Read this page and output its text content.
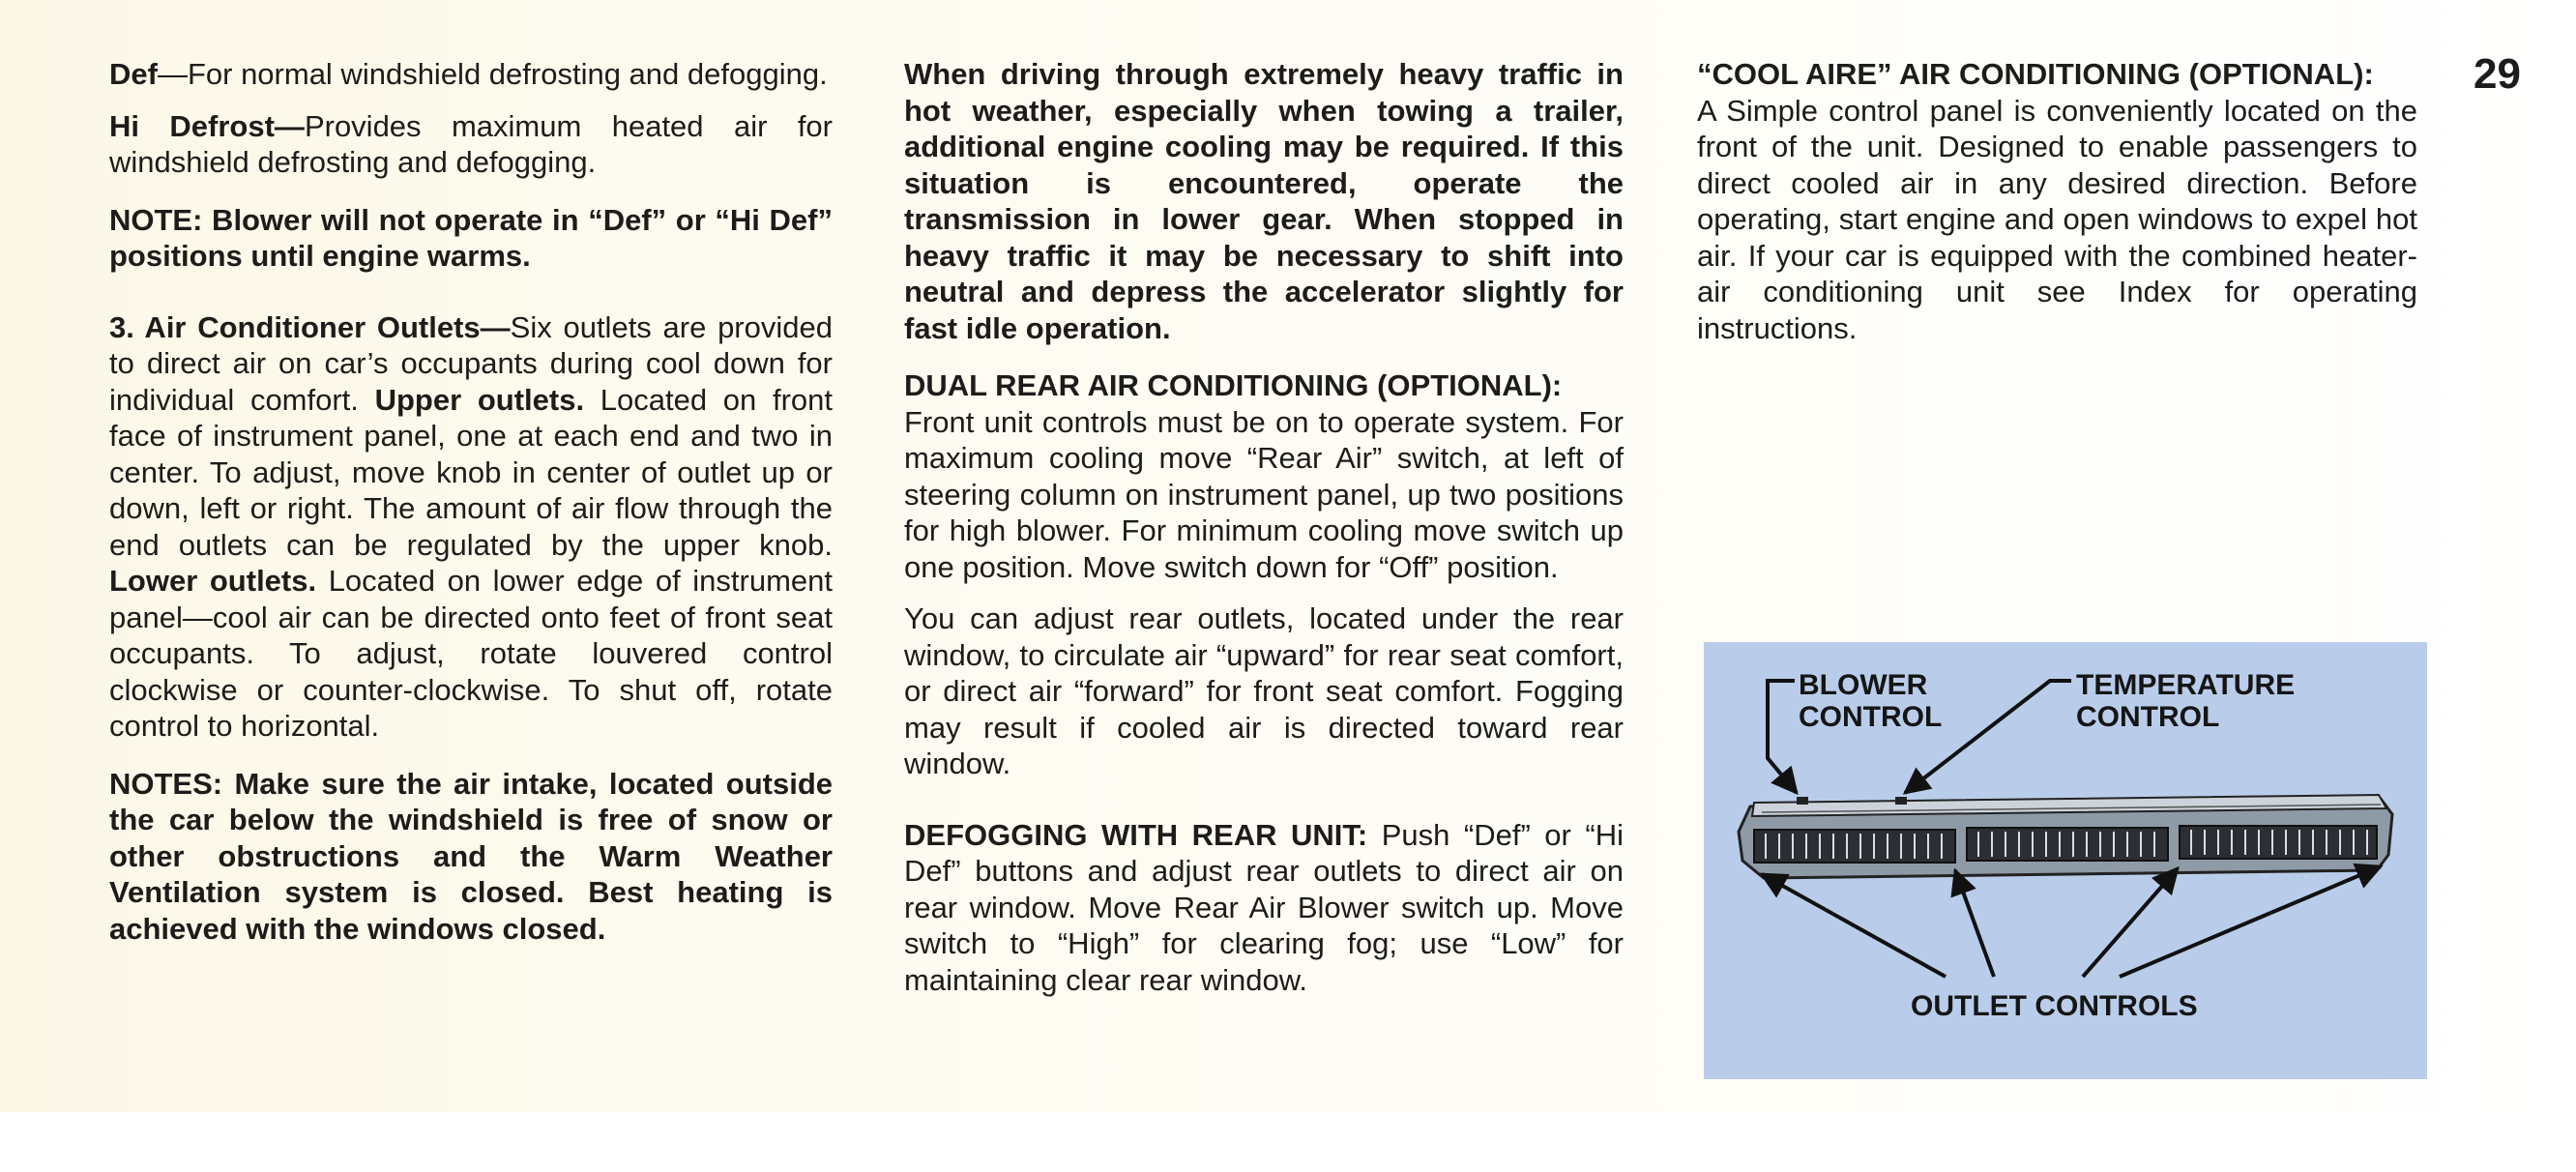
Def—For normal windshield defrosting and defogging.

Hi Defrost—Provides maximum heated air for windshield defrosting and defogging.

NOTE: Blower will not operate in “Def” or “Hi Def” positions until engine warms.

3. Air Conditioner Outlets—Six outlets are provided to direct air on car’s occupants during cool down for individual comfort. Upper outlets. Located on front face of instrument panel, one at each end and two in center. To adjust, move knob in center of outlet up or down, left or right. The amount of air flow through the end outlets can be regulated by the upper knob. Lower outlets. Located on lower edge of instrument panel—cool air can be directed onto feet of front seat occupants. To adjust, rotate louvered control clockwise or counter-clockwise. To shut off, rotate control to horizontal.

NOTES: Make sure the air intake, located outside the car below the windshield is free of snow or other obstructions and the Warm Weather Ventilation system is closed. Best heating is achieved with the windows closed.

When driving through extremely heavy traffic in hot weather, especially when towing a trailer, additional engine cooling may be required. If this situation is encountered, operate the transmission in lower gear. When stopped in heavy traffic it may be necessary to shift into neutral and depress the accelerator slightly for fast idle operation.

DUAL REAR AIR CONDITIONING (OPTIONAL):

Front unit controls must be on to operate system. For maximum cooling move “Rear Air” switch, at left of steering column on instrument panel, up two positions for high blower. For minimum cooling move switch up one position. Move switch down for “Off” position.

You can adjust rear outlets, located under the rear window, to circulate air “upward” for rear seat comfort, or direct air “forward” for front seat comfort. Fogging may result if cooled air is directed toward rear window.

DEFOGGING WITH REAR UNIT: Push “Def” or “Hi Def” buttons and adjust rear outlets to direct air on rear window. Move Rear Air Blower switch up. Move switch to “High” for clearing fog; use “Low” for maintaining clear rear window.

“COOL AIRE” AIR CONDITIONING (OPTIONAL):

A Simple control panel is conveniently located on the front of the unit. Designed to enable passengers to direct cooled air in any desired direction. Before operating, start engine and open windows to expel hot air. If your car is equipped with the combined heater-air conditioning unit see Index for operating instructions.

29
BLOWER
CONTROL
TEMPERATURE
CONTROL
OUTLET CONTROLS
